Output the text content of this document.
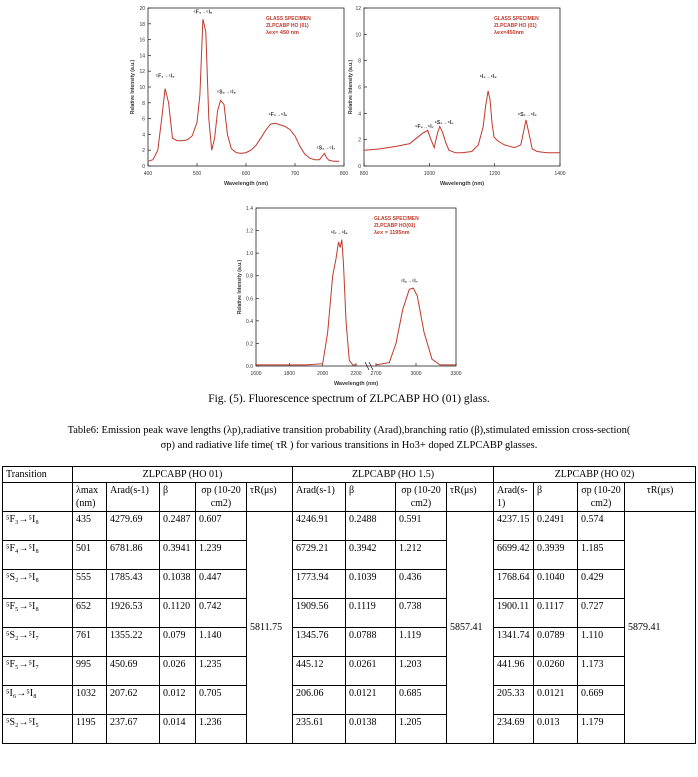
0
2
4
6
8
10
12
14
16
18
20
400	500	600	700	800
Wavelength (nm)
Relative Intensity (a.u.)
GLASS SPECIMEN
ZLPCABP HO (01)
λex= 450 nm
⁵F₃→⁵I₈
⁵F₄→⁵I₈
⁵S₂→⁵I₈
⁵F₅→⁵I₈
⁵S₂→⁵I₇
0
2
4
6
8
10
12
800	1000	1200	1400
Wavelength (nm)
Relative Intensity (a.u.)
GLASS SPECIMEN
ZLPCABP HO (01)
λex=450nm
⁵F₅→⁵I₇
⁵S₂→⁵I₆
⁵I₆→⁵I₈
⁵S₂→⁵I₅
0.0
0.2
0.4
0.6
0.8
1.0
1.2
1.4
1600	1800	2000	2200 2700	3000	3300
Wavelength (nm)
Relative Intensity (a.u.)
GLASS SPECIMEN
ZLPCABP HO(01)
λex = 1195nm
⁵I₇→⁵I₈
⁵I₆→⁵I₇
Fig. (5). Fluorescence spectrum of ZLPCABP HO (01) glass.
Table6: Emission peak wave lengths (λp),radiative transition probability (Arad),branching ratio (β),stimulated emission cross-section(
σp) and radiative life time( τR ) for various transitions in Ho3+ doped ZLPCABP glasses.
Transition	ZLPCABP (HO 01)					ZLPCABP (HO 1.5)				ZLPCABP (HO 02)			
	λmax (nm)	Arad(s-1)	β	σp (10-20 cm2)	τR(μs)	Arad(s-1)	β	σp (10-20 cm2)	τR(μs)	Arad(s-1)	β	σp (10-20 cm2)	τR(μs)
⁵F₃→⁵I₈	435	4279.69	0.2487	0.607	5811.75	4246.91	0.2488	0.591	5857.41	4237.15	0.2491	0.574	5879.41
⁵F₄→⁵I₈	501	6781.86	0.3941	1.239		6729.21	0.3942	1.212		6699.42	0.3939	1.185	
⁵S₂→⁵I₈	555	1785.43	0.1038	0.447		1773.94	0.1039	0.436		1768.64	0.1040	0.429	
⁵F₅→⁵I₈	652	1926.53	0.1120	0.742		1909.56	0.1119	0.738		1900.11	0.1117	0.727	
⁵S₂→⁵I₇	761	1355.22	0.079	1.140		1345.76	0.0788	1.119		1341.74	0.0789	1.110	
⁵F₅→⁵I₇	995	450.69	0.026	1.235		445.12	0.0261	1.203		441.96	0.0260	1.173	
⁵I₆→⁵I₈	1032	207.62	0.012	0.705		206.06	0.0121	0.685		205.33	0.0121	0.669	
⁵S₂→⁵I₅	1195	237.67	0.014	1.236		235.61	0.0138	1.205		234.69	0.013	1.179	
